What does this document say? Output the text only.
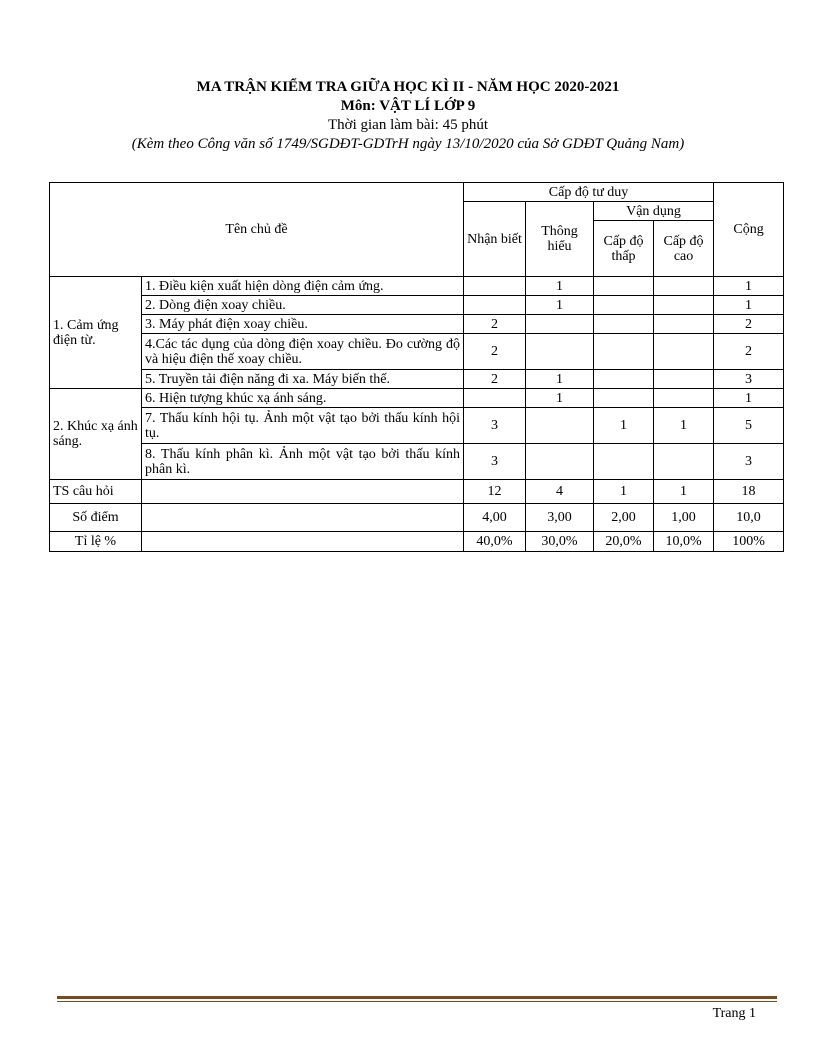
MA TRẬN KIỂM TRA GIỮA HỌC KÌ II - NĂM HỌC 2020-2021
Môn: VẬT LÍ LỚP 9
Thời gian làm bài: 45 phút
(Kèm theo Công văn số 1749/SGDĐT-GDTrH ngày 13/10/2020 của Sở GDĐT Quảng Nam)
Tên chủ đề		Cấp độ tư duy				Cộng
		Nhận biết	Thông hiểu	Vận dụng		
				Cấp độ thấp	Cấp độ cao	
1. Cảm ứng điện từ.	1. Điều kiện xuất hiện dòng điện cảm ứng.		1			1
	2. Dòng điện xoay chiều.		1			1
	3. Máy phát điện xoay chiều.	2				2
	4.Các tác dụng của dòng điện xoay chiều. Đo cường độ và hiệu điện thế xoay chiều.	2				2
	5. Truyền tải điện năng đi xa. Máy biến thế.	2	1			3
2. Khúc xạ ánh sáng.	6. Hiện tượng khúc xạ ánh sáng.		1			1
	7. Thấu kính hội tụ. Ảnh một vật tạo bởi thấu kính hội tụ.	3		1	1	5
	8. Thấu kính phân kì. Ảnh một vật tạo bởi thấu kính phân kì.	3				3
TS câu hỏi		12	4	1	1	18
Số điểm		4,00	3,00	2,00	1,00	10,0
Tỉ lệ %		40,0%	30,0%	20,0%	10,0%	100%
Trang 1
